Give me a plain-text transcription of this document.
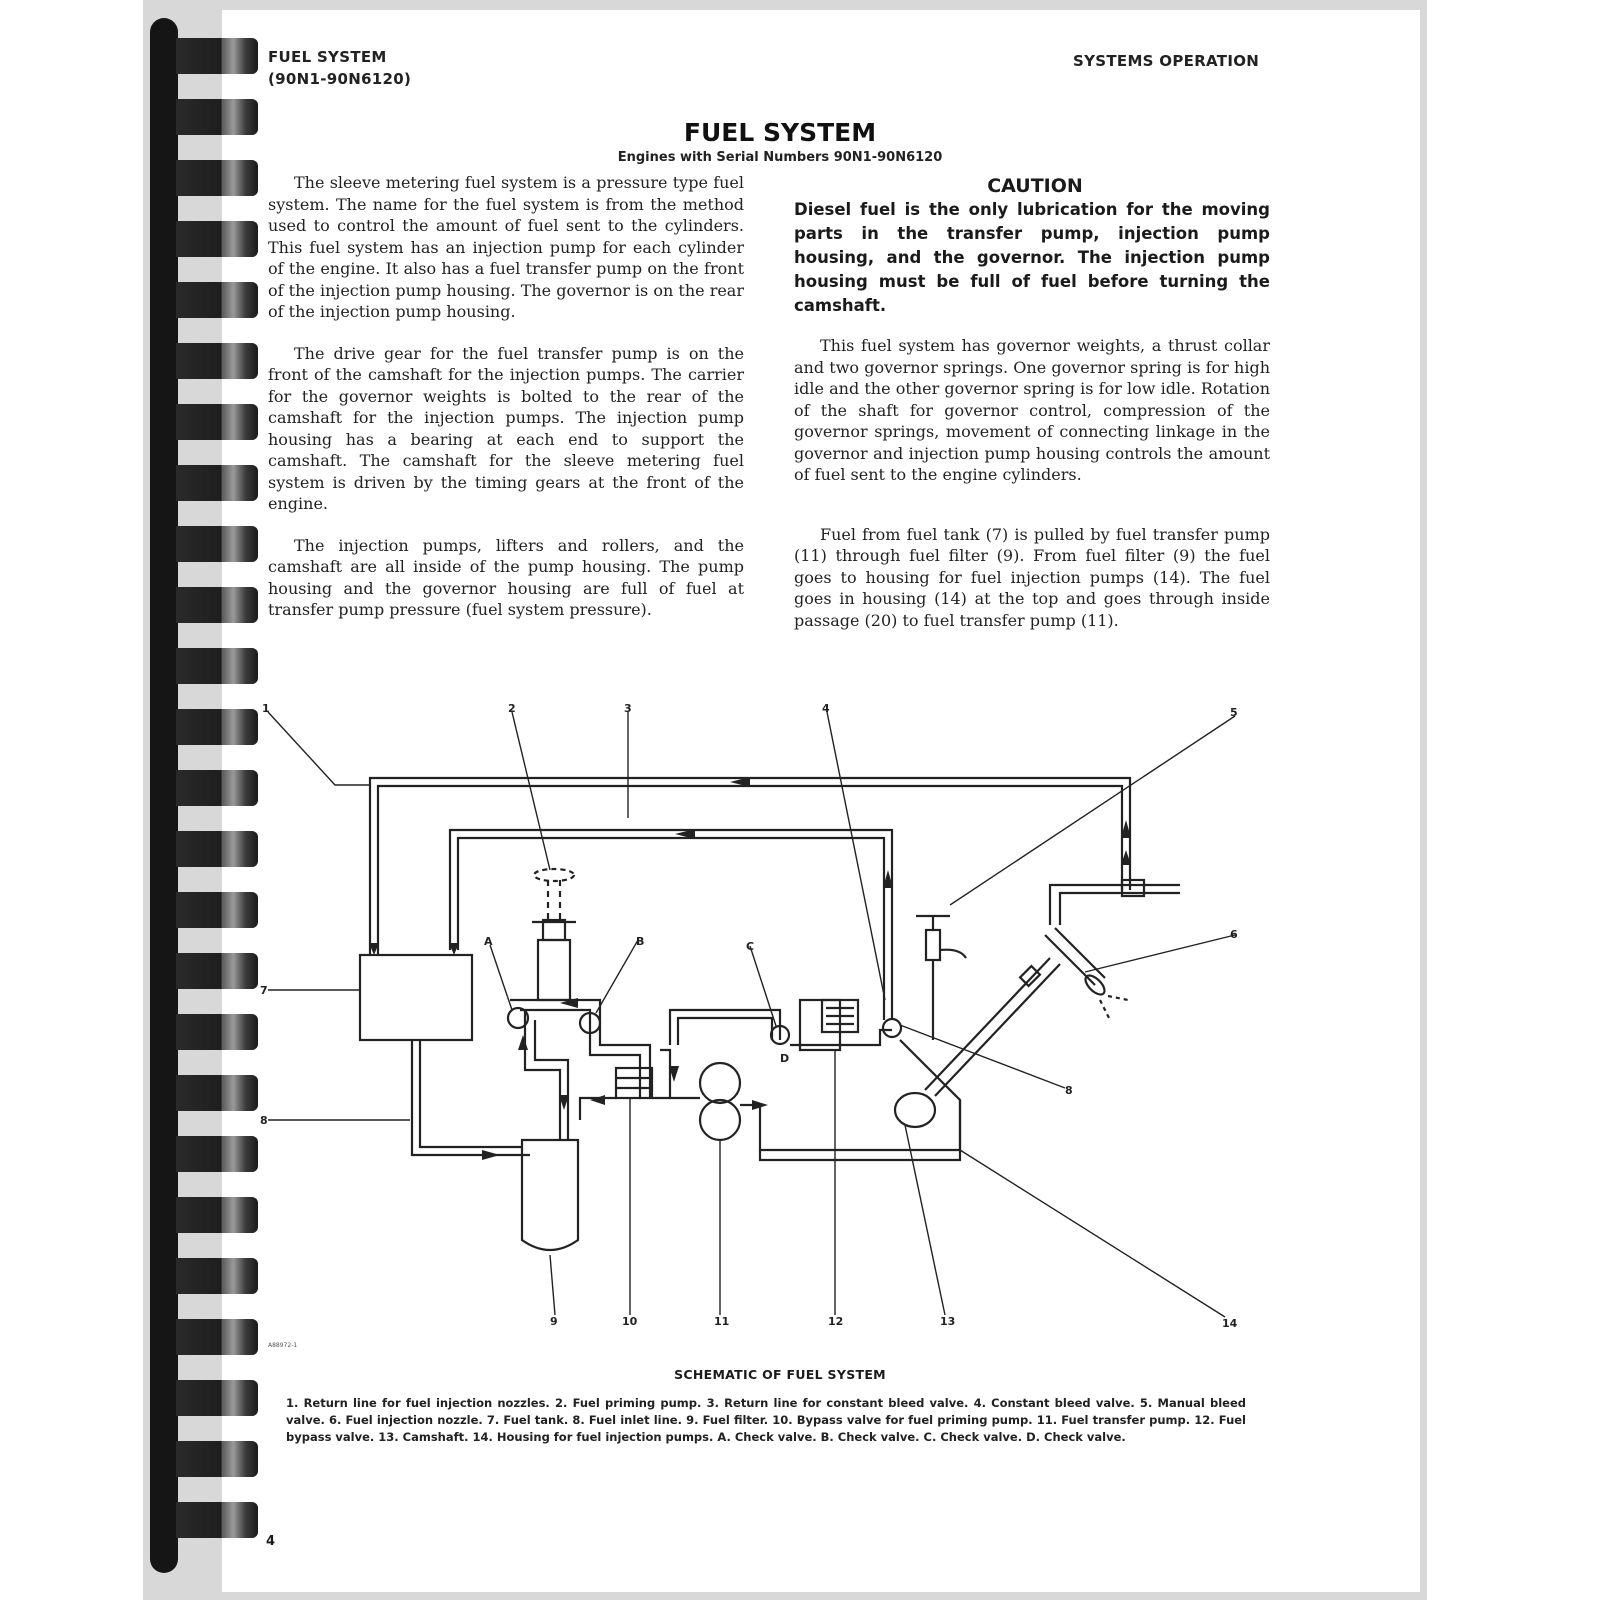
FUEL SYSTEM
(90N1-90N6120)
SYSTEMS OPERATION
FUEL SYSTEM
Engines with Serial Numbers 90N1-90N6120

The sleeve metering fuel system is a pressure type fuel system. The name for the fuel system is from the method used to control the amount of fuel sent to the cylinders. This fuel system has an injection pump for each cylinder of the engine. It also has a fuel transfer pump on the front of the injection pump housing. The governor is on the rear of the injection pump housing.

The drive gear for the fuel transfer pump is on the front of the camshaft for the injection pumps. The carrier for the governor weights is bolted to the rear of the camshaft for the injection pumps. The injection pump housing has a bearing at each end to support the camshaft. The camshaft for the sleeve metering fuel system is driven by the timing gears at the front of the engine.

The injection pumps, lifters and rollers, and the camshaft are all inside of the pump housing. The pump housing and the governor housing are full of fuel at transfer pump pressure (fuel system pressure).

CAUTION
Diesel fuel is the only lubrication for the moving parts in the transfer pump, injection pump housing, and the governor. The injection pump housing must be full of fuel before turning the camshaft.

This fuel system has governor weights, a thrust collar and two governor springs. One governor spring is for high idle and the other governor spring is for low idle. Rotation of the shaft for governor control, compression of the governor springs, movement of connecting linkage in the governor and injection pump housing controls the amount of fuel sent to the engine cylinders.

Fuel from fuel tank (7) is pulled by fuel transfer pump (11) through fuel filter (9). From fuel filter (9) the fuel goes to housing for fuel injection pumps (14). The fuel goes in housing (14) at the top and goes through inside passage (20) to fuel transfer pump (11).

1	2	3	4	5
6
7
8
8
9	10	11	12	13	14
A	B	C
D
A88972-1
SCHEMATIC OF FUEL SYSTEM
1. Return line for fuel injection nozzles. 2. Fuel priming pump. 3. Return line for constant bleed valve. 4. Constant bleed valve. 5. Manual bleed valve. 6. Fuel injection nozzle. 7. Fuel tank. 8. Fuel inlet line. 9. Fuel filter. 10. Bypass valve for fuel priming pump. 11. Fuel transfer pump. 12. Fuel bypass valve. 13. Camshaft. 14. Housing for fuel injection pumps. A. Check valve. B. Check valve. C. Check valve. D. Check valve.
4
